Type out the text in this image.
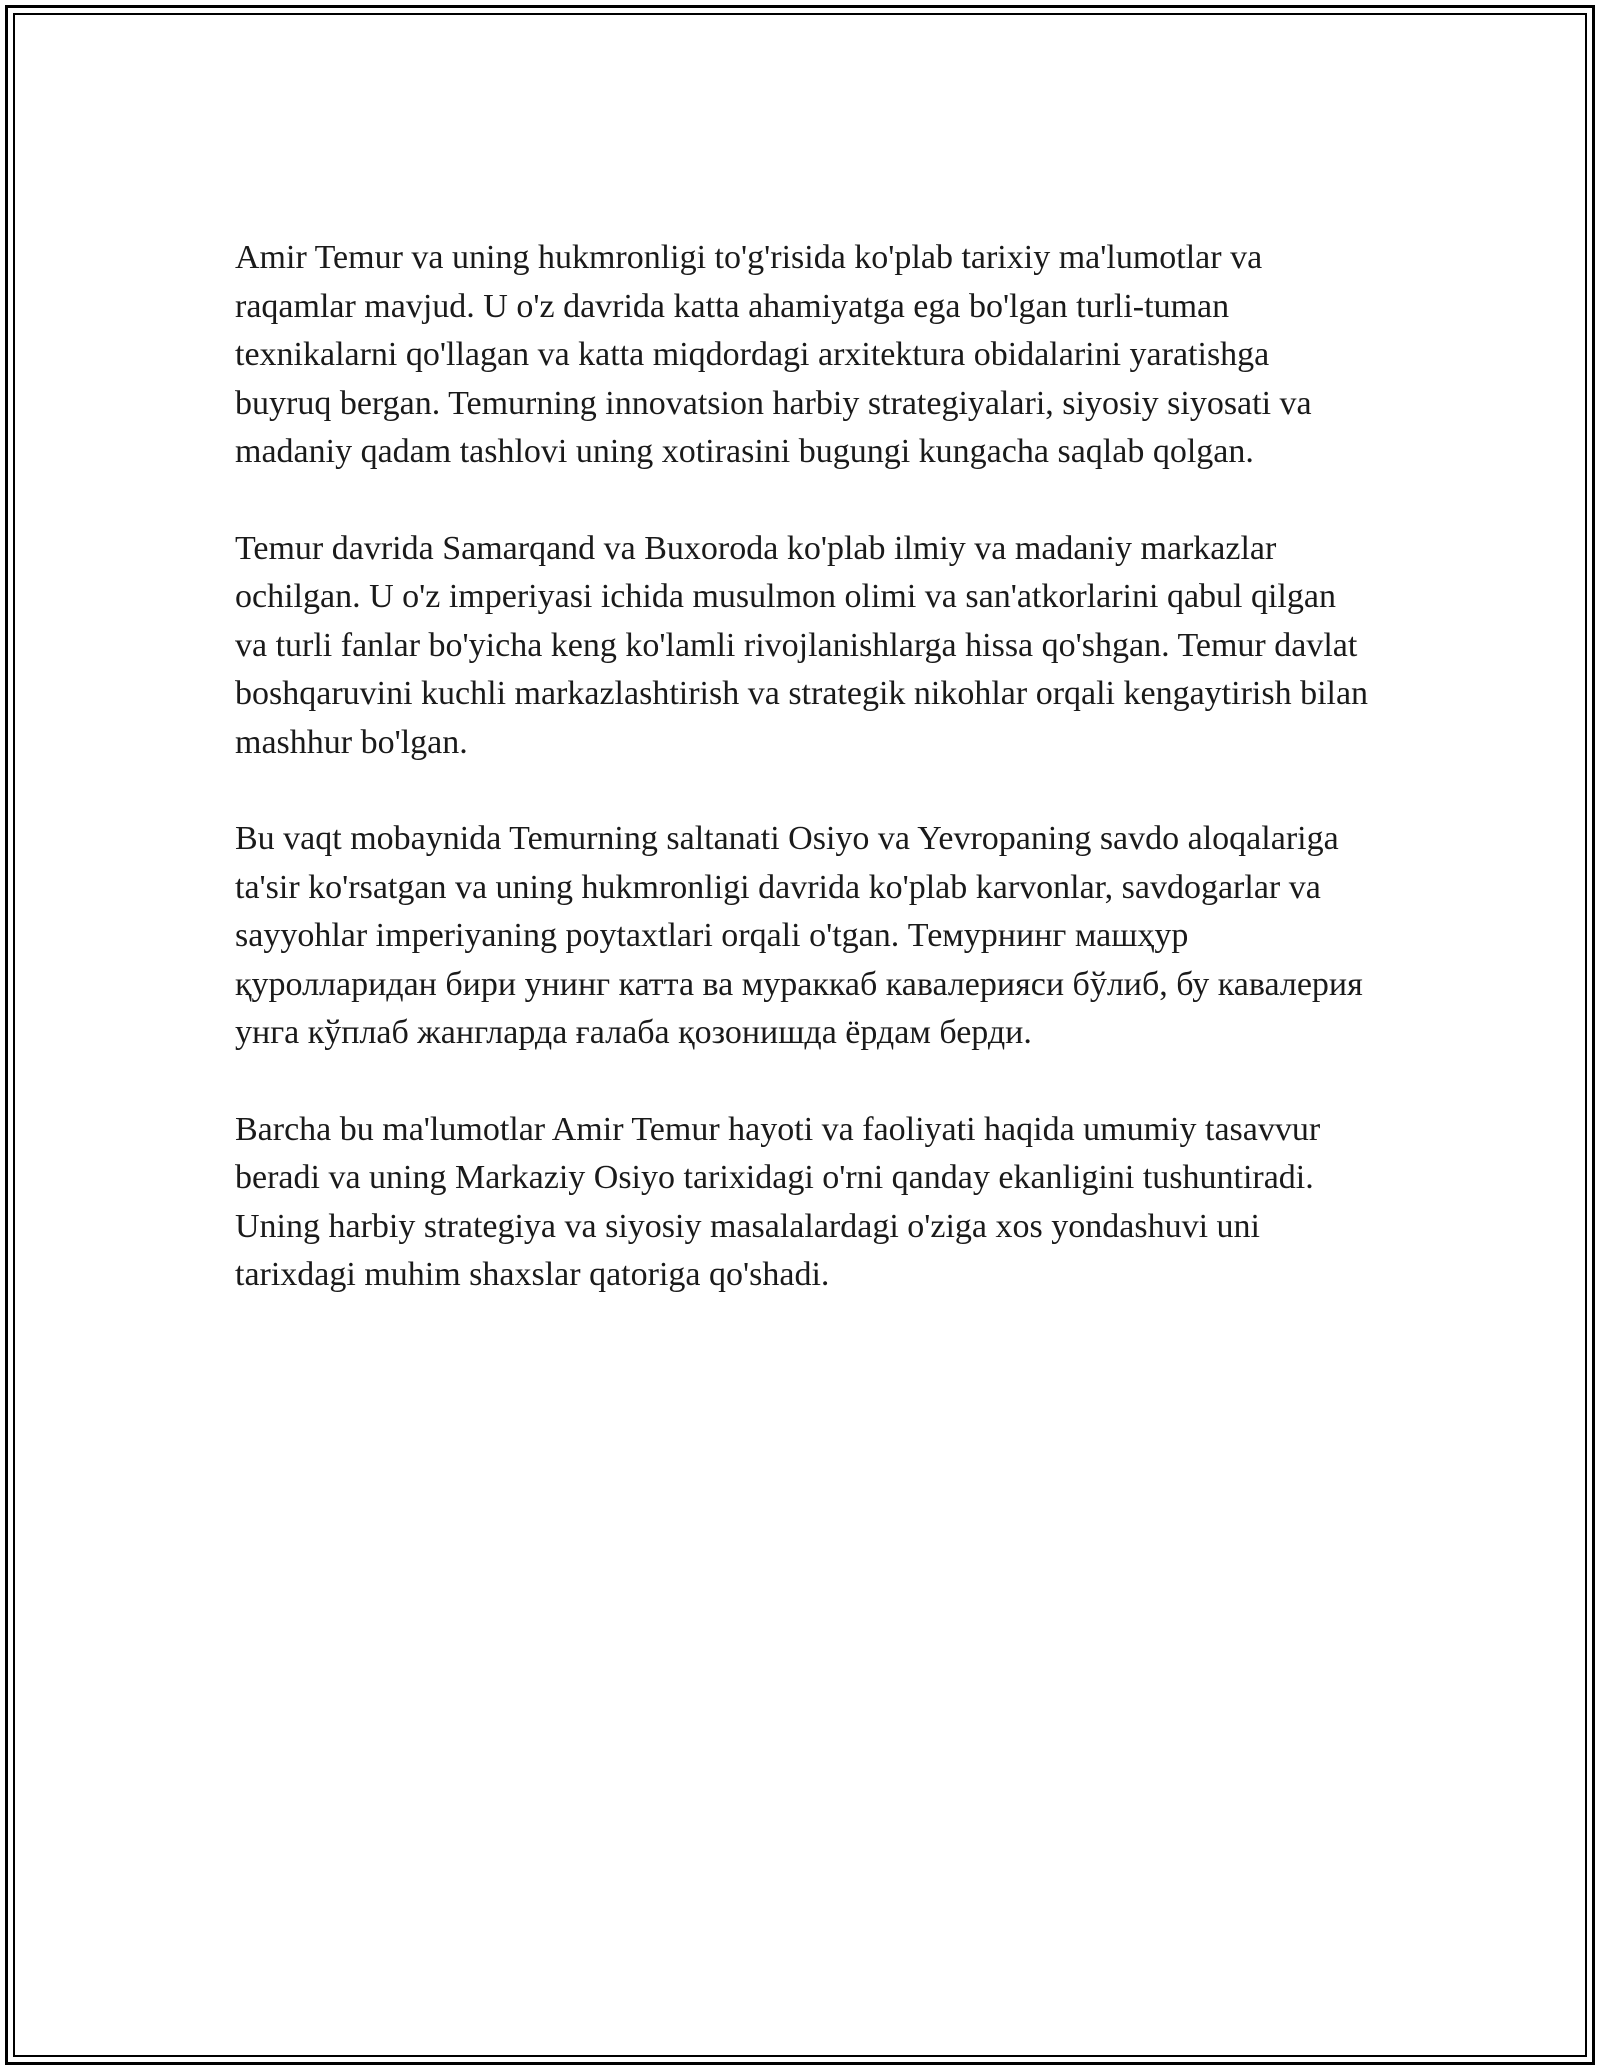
Amir Temur va uning hukmronligi to'g'risida ko'plab tarixiy ma'lumotlar va raqamlar mavjud. U o'z davrida katta ahamiyatga ega bo'lgan turli-tuman texnikalarni qo'llagan va katta miqdordagi arxitektura obidalarini yaratishga buyruq bergan. Temurning innovatsion harbiy strategiyalari, siyosiy siyosati va madaniy qadam tashlovi uning xotirasini bugungi kungacha saqlab qolgan.

Temur davrida Samarqand va Buxoroda ko'plab ilmiy va madaniy markazlar ochilgan. U o'z imperiyasi ichida musulmon olimi va san'atkorlarini qabul qilgan va turli fanlar bo'yicha keng ko'lamli rivojlanishlarga hissa qo'shgan. Temur davlat boshqaruvini kuchli markazlashtirish va strategik nikohlar orqali kengaytirish bilan mashhur bo'lgan.

Bu vaqt mobaynida Temurning saltanati Osiyo va Yevropaning savdo aloqalariga ta'sir ko'rsatgan va uning hukmronligi davrida ko'plab karvonlar, savdogarlar va sayyohlar imperiyaning poytaxtlari orqali o'tgan. Темурнинг машҳур қуролларидан бири унинг катта ва мураккаб кавалерияси бўлиб, бу кавалерия унга кўплаб жангларда ғалаба қозонишда ёрдам берди.

Barcha bu ma'lumotlar Amir Temur hayoti va faoliyati haqida umumiy tasavvur beradi va uning Markaziy Osiyo tarixidagi o'rni qanday ekanligini tushuntiradi. Uning harbiy strategiya va siyosiy masalalardagi o'ziga xos yondashuvi uni tarixdagi muhim shaxslar qatoriga qo'shadi.
